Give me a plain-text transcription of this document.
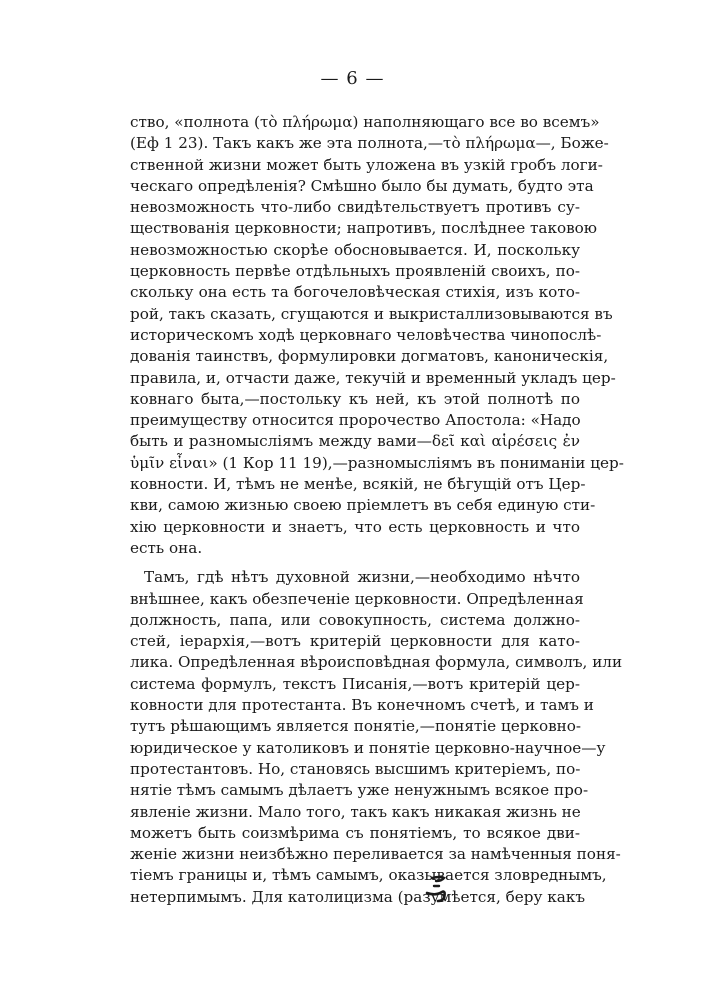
— 6 —

ство, «полнота (τὸ πλήρωμα) наполняющаго все во всемъ»
(Еф 1 23). Такъ какъ же эта полнота,—τὸ πλήρωμα—, Боже-
ственной жизни может быть уложена въ узкiй гробъ логи-
ческаго опредѣленiя? Смѣшно было бы думать, будто эта
невозможность что-либо свидѣтельствуетъ противъ су-
ществованiя церковности; напротивъ, послѣднее таковою
невозможностью скорѣе обосновывается. И, поскольку
церковность первѣе отдѣльныхъ проявленiй своихъ, по-
скольку она есть та богочеловѣческая стихiя, изъ кото-
рой, такъ сказать, сгущаются и выкристаллизовываются въ
историческомъ ходѣ церковнаго человѣчества чинопослѣ-
дованiя таинствъ, формулировки догматовъ, каноническiя,
правила, и, отчасти даже, текучiй и временный укладъ цер-
ковнаго быта,—постольку къ ней, къ этой полнотѣ по
преимуществу относится пророчество Апостола: «Надо
быть и разномыслiямъ между вами—δεῖ καὶ αἱρέσεις ἐν
ὑμῖν εἶναι» (1 Кор 11 19),—разномыслiямъ въ пониманiи цер-
ковности. И, тѣмъ не менѣе, всякiй, не бѣгущiй отъ Цер-
кви, самою жизнью своею прiемлетъ въ себя единую сти-
хiю церковности и знаетъ, что есть церковность и что
есть она.

Тамъ, гдѣ нѣтъ духовной жизни,—необходимо нѣчто
внѣшнее, какъ обезпеченiе церковности. Опредѣленная
должность, папа, или совокупность, система должно-
стей, iерархiя,—вотъ критерiй церковности для като-
лика. Опредѣленная вѣроисповѣдная формула, символъ, или
система формулъ, текстъ Писанiя,—вотъ критерiй цер-
ковности для протестанта. Въ конечномъ счетѣ, и тамъ и
тутъ рѣшающимъ является понятiе,—понятiе церковно-
юридическое у католиковъ и понятiе церковно-научное—у
протестантовъ. Но, становясь высшимъ критерiемъ, по-
нятiе тѣмъ самымъ дѣлаетъ уже ненужнымъ всякое про-
явленiе жизни. Мало того, такъ какъ никакая жизнь не
можетъ быть соизмѣрима съ понятiемъ, то всякое дви-
женiе жизни неизбѣжно переливается за намѣченныя поня-
тiемъ границы и, тѣмъ самымъ, оказывается зловреднымъ,
нетерпимымъ. Для католицизма (разумѣется, беру какъ
